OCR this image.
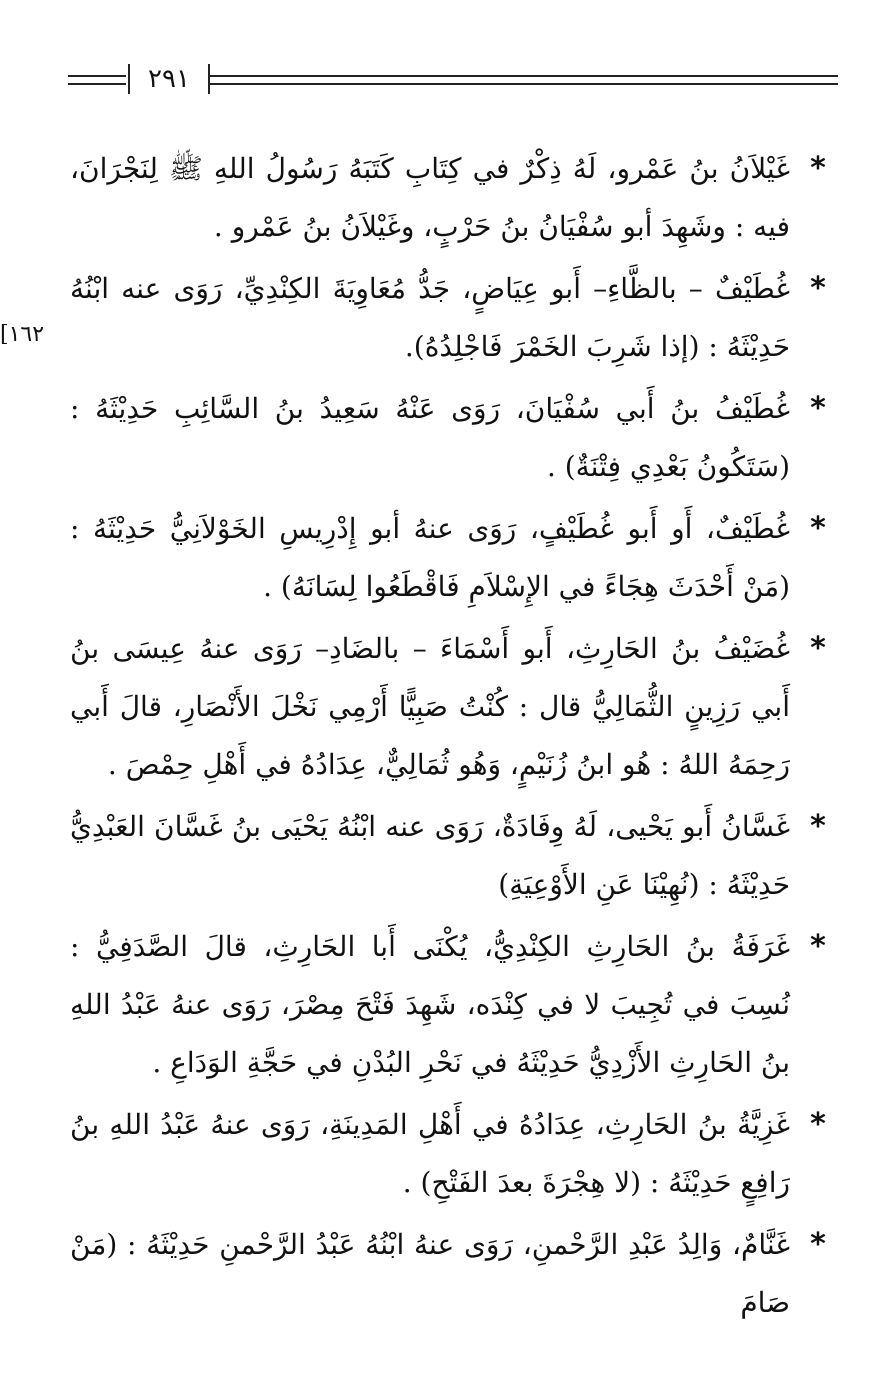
٢٩١
[١٦٢
*
غَيْلاَنُ بنُ عَمْرو، لَهُ ذِكْرٌ في كِتَابِ كَتَبَهُ رَسُولُ اللهِ ﷺ لِنَجْرَانَ، فيه : وشَهِدَ أبو سُفْيَانُ بنُ حَرْبٍ، وغَيْلاَنُ بنُ عَمْرو .
*
غُطَيْفٌ – بالظَّاءِ– أَبو عِيَاضٍ، جَدُّ مُعَاوِيَةَ الكِنْدِيِّ، رَوَى عنه ابْنُهُ حَدِيْثَهُ : (إذا شَرِبَ الخَمْرَ فَاجْلِدُهُ).
*
غُطَيْفُ بنُ أَبي سُفْيَانَ، رَوَى عَنْهُ سَعِيدُ بنُ السَّائِبِ حَدِيْثَهُ : (سَتَكُونُ بَعْدِي فِتْنَةٌ) .
*
غُطَيْفٌ، أَو أَبو غُطَيْفٍ، رَوَى عنهُ أبو إِدْرِيسِ الخَوْلاَنِيُّ حَدِيْثَهُ : (مَنْ أَحْدَثَ هِجَاءً في الإِسْلاَمِ فَاقْطَعُوا لِسَانَهُ) .
*
غُضَيْفُ بنُ الحَارِثِ، أَبو أَسْمَاءَ – بالضَادِ– رَوَى عنهُ عِيسَى بنُ أَبي رَزِينٍ الثُّمَالِيُّ قال : كُنْتُ صَبِيًّا أَرْمِي نَخْلَ الأَنْصَارِ، قالَ أَبي رَحِمَهُ اللهُ : هُو ابنُ زُنَيْمٍ، وَهُو ثُمَالِيٌّ، عِدَادُهُ في أَهْلِ حِمْصَ .
*
غَسَّانُ أَبو يَحْيى، لَهُ وِفَادَةٌ، رَوَى عنه ابْنُهُ يَحْيَى بنُ غَسَّانَ العَبْدِيُّ حَدِيْثَهُ : (نُهِيْنَا عَنِ الأَوْعِيَةِ)
*
غَرَفَةُ بنُ الحَارِثِ الكِنْدِيُّ، يُكْنَى أَبا الحَارِثِ، قالَ الصَّدَفِيُّ : نُسِبَ في تُجِيبَ لا في كِنْدَه، شَهِدَ فَتْحَ مِصْرَ، رَوَى عنهُ عَبْدُ اللهِ بنُ الحَارِثِ الأَزْدِيُّ حَدِيْثَهُ في نَحْرِ البُدْنِ في حَجَّةِ الوَدَاعِ .
*
غَزِيَّةُ بنُ الحَارِثِ، عِدَادُهُ في أَهْلِ المَدِينَةِ، رَوَى عنهُ عَبْدُ اللهِ بنُ رَافِعٍ حَدِيْثَهُ : (لا هِجْرَةَ بعدَ الفَتْحِ) .
*
غَنَّامٌ، وَالِدُ عَبْدِ الرَّحْمنِ، رَوَى عنهُ ابْنُهُ عَبْدُ الرَّحْمنِ حَدِيْثَهُ : (مَنْ صَامَ
